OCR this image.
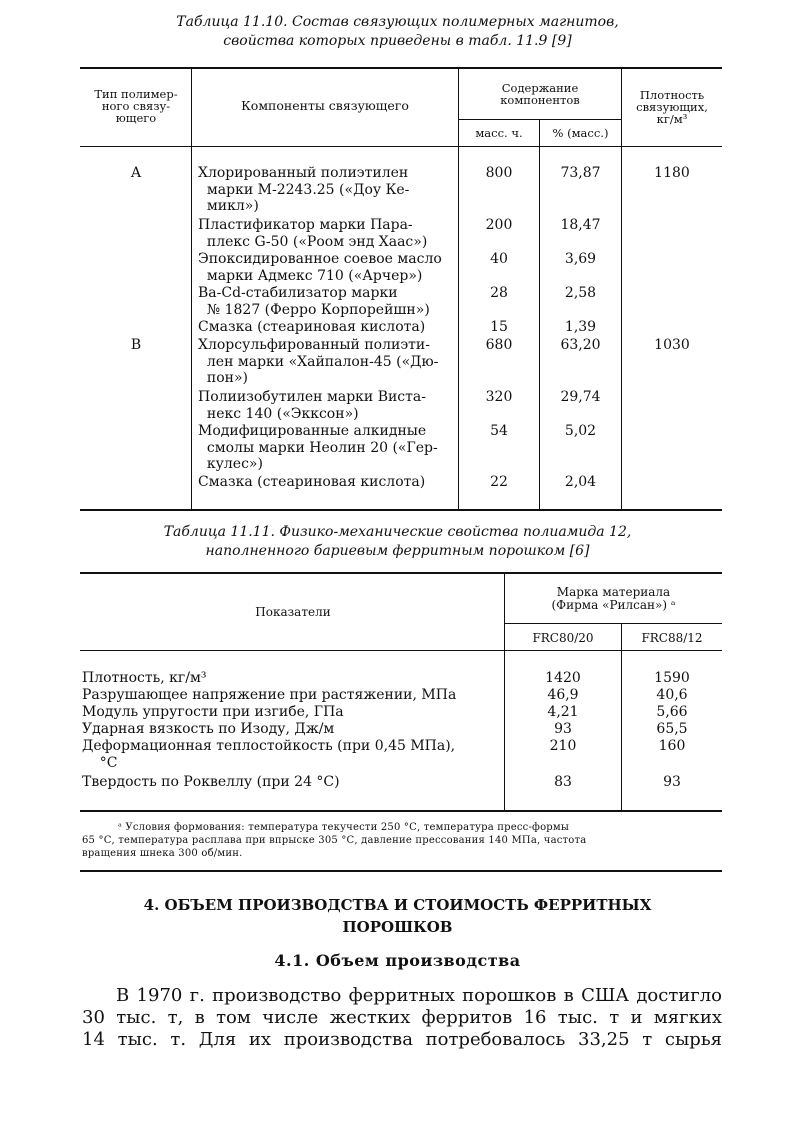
Таблица 11.10. Состав связующих полимерных магнитов,
свойства которых приведены в табл. 11.9 [9]
Тип полимер-
ного связу-
ющего
Компоненты связующего
Содержание
компонентов
масс. ч.	% (масс.)
Плотность
связующих,
кг/м³
A	Хлорированный полиэтилен
марки М-2243.25 («Доу Ке-
микл»)
800	73,87	1180
Пластификатор марки Пара-
плекс G-50 («Роом энд Хаас»)
200	18,47
Эпоксидированное соевое масло
марки Адмекс 710 («Арчер»)
40	3,69
Ba-Cd-стабилизатор марки
№ 1827 (Ферро Корпорейшн»)
28	2,58
Смазка (стеариновая кислота)	15	1,39
B	Хлорсульфированный полиэти-
лен марки «Хайпалон-45 («Дю-
пон»)
680	63,20	1030
Полиизобутилен марки Виста-
некс 140 («Экксон»)
320	29,74
Модифицированные алкидные
смолы марки Неолин 20 («Гер-
кулес»)
54	5,02
Смазка (стеариновая кислота)	22	2,04
Таблица 11.11. Физико-механические свойства полиамида 12,
наполненного бариевым ферритным порошком [6]
Показатели
Марка материала
(Фирма «Рилсан») ᵃ
FRC80/20	FRC88/12
Плотность, кг/м³	1420	1590
Разрушающее напряжение при растяжении, МПа	46,9	40,6
Модуль упругости при изгибе, ГПа	4,21	5,66
Ударная вязкость по Изоду, Дж/м	93	65,5
Деформационная теплостойкость (при 0,45 МПа),
°С
210	160
Твердость по Роквеллу (при 24 °С)	83	93
ᵃ Условия формования: температура текучести 250 °С, температура пресс-формы
65 °С, температура расплава при впрыске 305 °С, давление прессования 140 МПа, частота
вращения шнека 300 об/мин.
4. ОБЪЕМ ПРОИЗВОДСТВА И СТОИМОСТЬ ФЕРРИТНЫХ
ПОРОШКОВ
4.1. Объем производства
В 1970 г. производство ферритных порошков в США достигло
30 тыс. т, в том числе жестких ферритов 16 тыс. т и мягких
14 тыс. т. Для их производства потребовалось 33,25 т сырья
